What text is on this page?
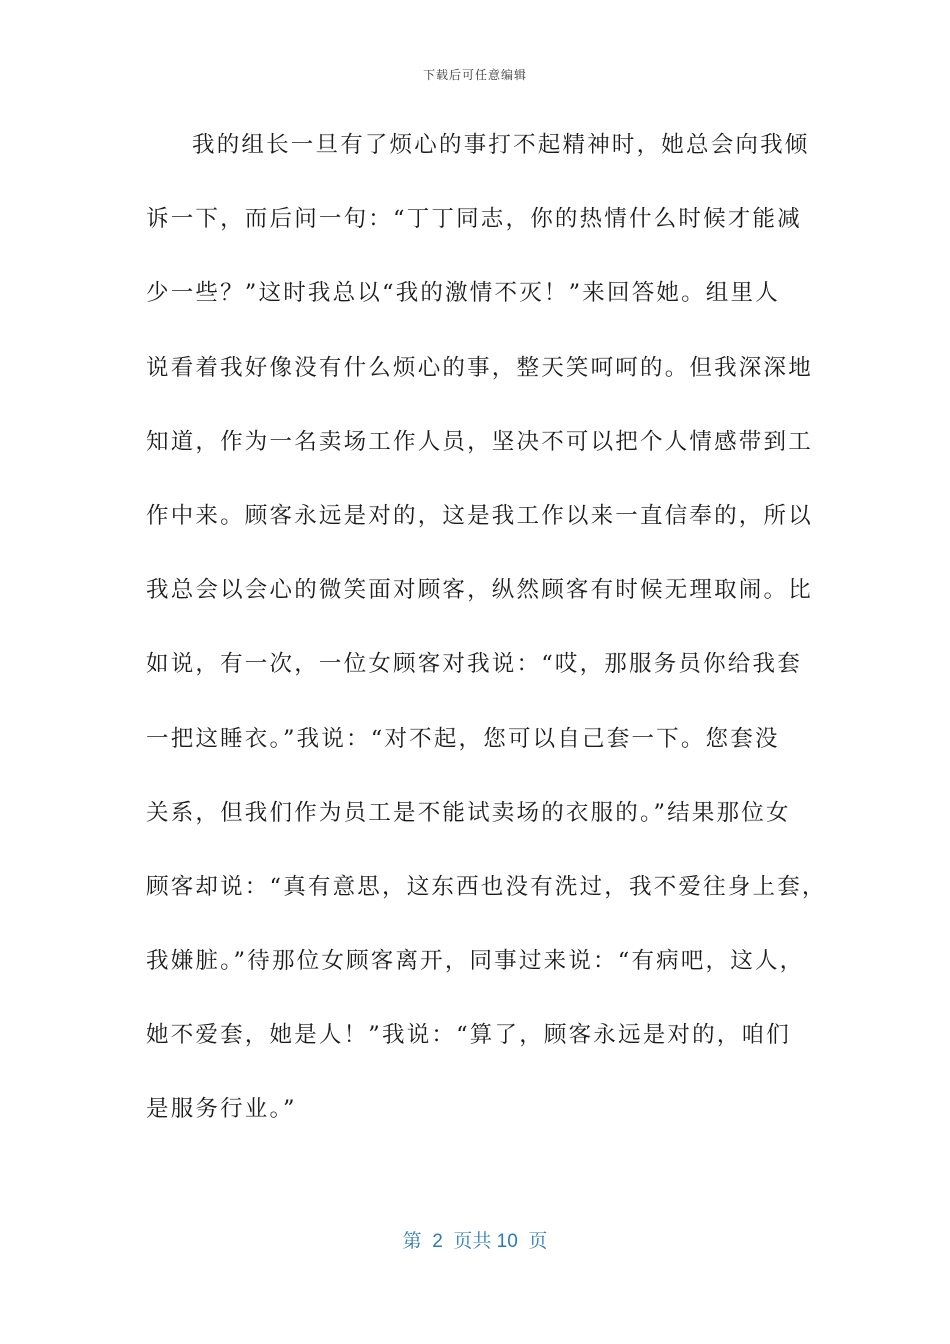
下载后可任意编辑
我的组长一旦有了烦心的事打不起精神时，她总会向我倾
诉一下，而后问一句：“丁丁同志，你的热情什么时候才能减
少一些？”这时我总以“我的激情不灭！”来回答她。组里人
说看着我好像没有什么烦心的事，整天笑呵呵的。但我深深地
知道，作为一名卖场工作人员，坚决不可以把个人情感带到工
作中来。顾客永远是对的，这是我工作以来一直信奉的，所以
我总会以会心的微笑面对顾客，纵然顾客有时候无理取闹。比
如说，有一次，一位女顾客对我说：“哎，那服务员你给我套
一把这睡衣。”我说：“对不起，您可以自己套一下。您套没
关系，但我们作为员工是不能试卖场的衣服的。”结果那位女
顾客却说：“真有意思，这东西也没有洗过，我不爱往身上套，
我嫌脏。”待那位女顾客离开，同事过来说：“有病吧，这人，
她不爱套，她是人！”我说：“算了，顾客永远是对的，咱们
是服务行业。”
第  2  页共 10  页
